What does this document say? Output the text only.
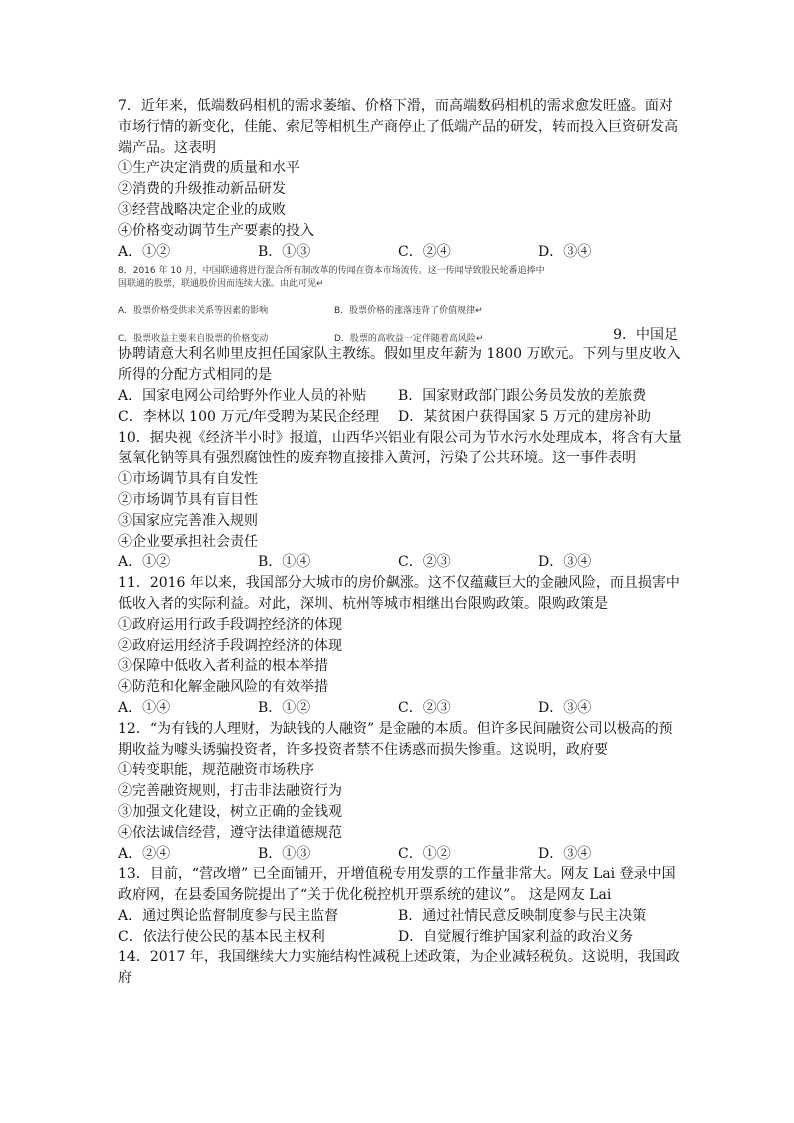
7．近年来，低端数码相机的需求萎缩、价格下滑，而高端数码相机的需求愈发旺盛。面对
市场行情的新变化，佳能、索尼等相机生产商停止了低端产品的研发，转而投入巨资研发高
端产品。这表明
①生产决定消费的质量和水平
②消费的升级推动新品研发
③经营战略决定企业的成败
④价格变动调节生产要素的投入
A．①②	B．①③	C．②④	D．③④
8．2016 年 10 月，中国联通将进行混合所有制改革的传闻在资本市场流传。这一传闻导致股民轮番追捧中
国联通的股票，联通股价因而连续大涨。由此可见↵
A．股票价格受供求关系等因素的影响	B．股票价格的涨落违背了价值规律↵
C．股票收益主要来自股票的价格变动	D．股票的高收益一定伴随着高风险↵	9．中国足
协聘请意大利名帅里皮担任国家队主教练。假如里皮年薪为 1800 万欧元。下列与里皮收入
所得的分配方式相同的是
A．国家电网公司给野外作业人员的补贴	B．国家财政部门跟公务员发放的差旅费
C．李林以 100 万元/年受聘为某民企经理	D．某贫困户获得国家 5 万元的建房补助
10．据央视《经济半小时》报道，山西华兴铝业有限公司为节水污水处理成本，将含有大量
氢氧化钠等具有强烈腐蚀性的废弃物直接排入黄河，污染了公共环境。这一事件表明
①市场调节具有自发性
②市场调节具有盲目性
③国家应完善准入规则
④企业要承担社会责任
A．①②	B．①④	C．②③	D．③④
11．2016 年以来，我国部分大城市的房价飙涨。这不仅蕴藏巨大的金融风险，而且损害中
低收入者的实际利益。对此，深圳、杭州等城市相继出台限购政策。限购政策是
①政府运用行政手段调控经济的体现
②政府运用经济手段调控经济的体现
③保障中低收入者利益的根本举措
④防范和化解金融风险的有效举措
A．①④	B．①②	C．②③	D．③④
12．“为有钱的人理财，为缺钱的人融资” 是金融的本质。但许多民间融资公司以极高的预
期收益为噱头诱骗投资者，许多投资者禁不住诱惑而损失惨重。这说明，政府要
①转变职能，规范融资市场秩序
②完善融资规则，打击非法融资行为
③加强文化建设，树立正确的金钱观
④依法诚信经营，遵守法律道德规范
A．②④	B．①③	C．①②	D．③④
13．目前，“营改增” 已全面铺开，开增值税专用发票的工作量非常大。网友 Lai 登录中国
政府网，在县委国务院提出了“关于优化税控机开票系统的建议”。 这是网友 Lai
A．通过舆论监督制度参与民主监督	B．通过社情民意反映制度参与民主决策
C．依法行使公民的基本民主权利	D．自觉履行维护国家利益的政治义务
14．2017 年，我国继续大力实施结构性减税上述政策，为企业减轻税负。这说明，我国政
府
